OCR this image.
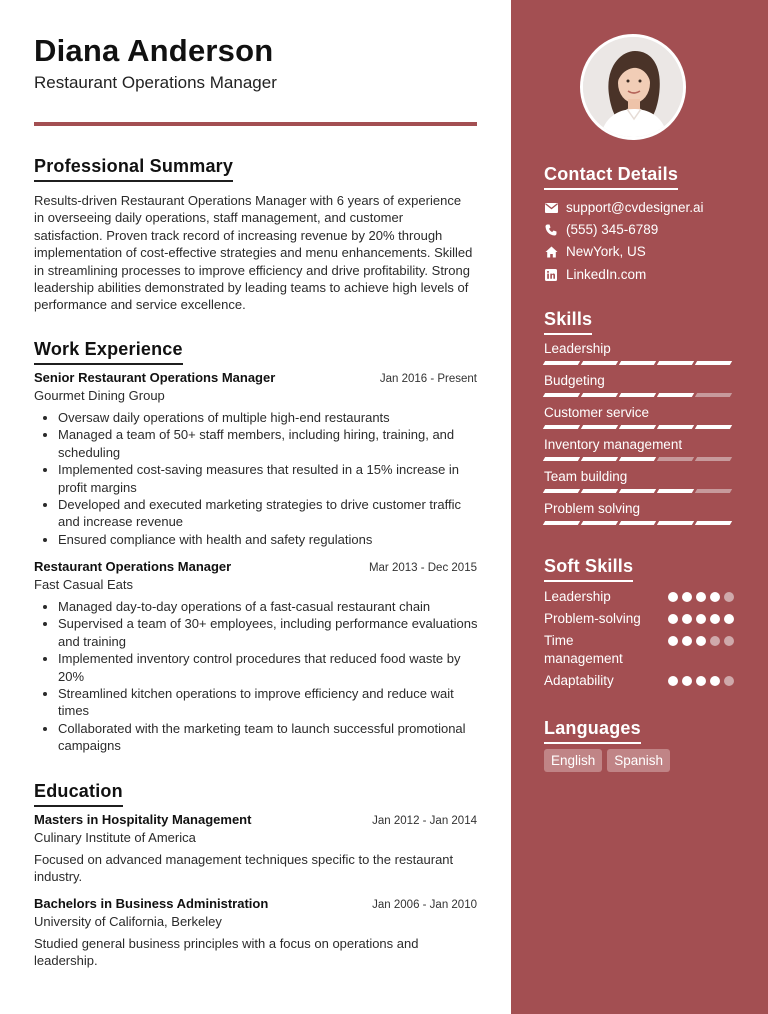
Diana Anderson
Restaurant Operations Manager
Professional Summary

Results-driven Restaurant Operations Manager with 6 years of experience in overseeing daily operations, staff management, and customer satisfaction. Proven track record of increasing revenue by 20% through implementation of cost-effective strategies and menu enhancements. Skilled in streamlining processes to improve efficiency and drive profitability. Strong leadership abilities demonstrated by leading teams to achieve high levels of performance and service excellence.

Work Experience
Senior Restaurant Operations Manager	Jan 2016 - Present
Gourmet Dining Group
• Oversaw daily operations of multiple high-end restaurants
• Managed a team of 50+ staff members, including hiring, training, and scheduling
• Implemented cost-saving measures that resulted in a 15% increase in profit margins
• Developed and executed marketing strategies to drive customer traffic and increase revenue
• Ensured compliance with health and safety regulations
Restaurant Operations Manager	Mar 2013 - Dec 2015
Fast Casual Eats
• Managed day-to-day operations of a fast-casual restaurant chain
• Supervised a team of 30+ employees, including performance evaluations and training
• Implemented inventory control procedures that reduced food waste by 20%
• Streamlined kitchen operations to improve efficiency and reduce wait times
• Collaborated with the marketing team to launch successful promotional campaigns
Education
Masters in Hospitality Management	Jan 2012 - Jan 2014
Culinary Institute of America

Focused on advanced management techniques specific to the restaurant industry.

Bachelors in Business Administration	Jan 2006 - Jan 2010
University of California, Berkeley

Studied general business principles with a focus on operations and leadership.

Contact Details
support@cvdesigner.ai
(555) 345-6789
NewYork, US
LinkedIn.com
Skills
Leadership
Budgeting
Customer service
Inventory management
Team building
Problem solving
Soft Skills
Leadership
Problem-solving
Time management
Adaptability
Languages
English	Spanish
